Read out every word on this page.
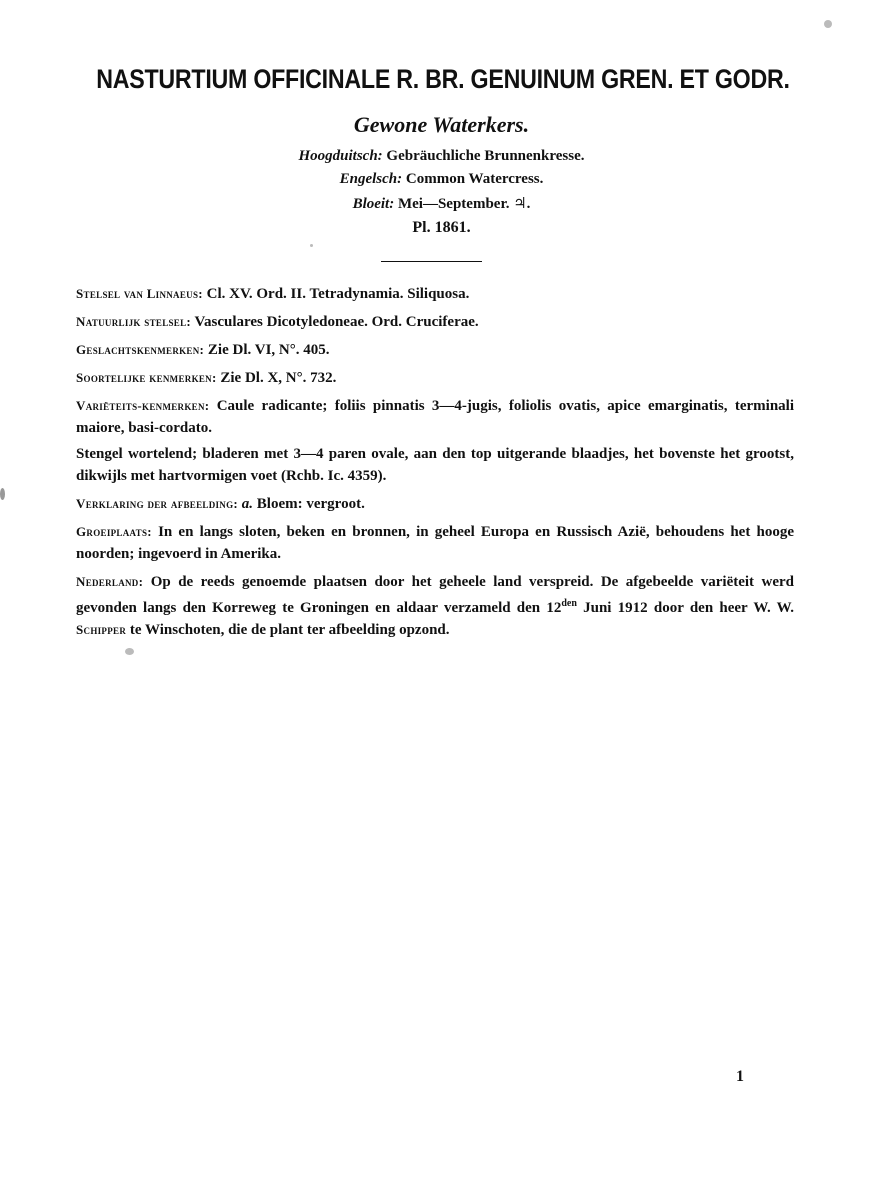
NASTURTIUM OFFICINALE R. BR. GENUINUM GREN. ET GODR.
Gewone Waterkers.
Hoogduitsch: Gebräuchliche Brunnenkresse.
Engelsch: Common Watercress.
Bloeit: Mei—September. ♃.
Pl. 1861.

Stelsel van Linnaeus: Cl. XV. Ord. II. Tetradynamia. Siliquosa.

Natuurlijk stelsel: Vasculares Dicotyledoneae. Ord. Cruciferae.

Geslachtskenmerken: Zie Dl. VI, N°. 405.

Soortelijke kenmerken: Zie Dl. X, N°. 732.

Variëteits-kenmerken: Caule radicante; foliis pinnatis 3—4-jugis, foliolis ovatis, apice emarginatis, terminali maiore, basi-cordato.

Stengel wortelend; bladeren met 3—4 paren ovale, aan den top uitgerande blaadjes, het bovenste het grootst, dikwijls met hartvormigen voet (Rchb. Ic. 4359).

Verklaring der afbeelding: a. Bloem: vergroot.

Groeiplaats: In en langs sloten, beken en bronnen, in geheel Europa en Russisch Azië, behoudens het hooge noorden; ingevoerd in Amerika.

Nederland: Op de reeds genoemde plaatsen door het geheele land verspreid. De afgebeelde variëteit werd gevonden langs den Korreweg te Groningen en aldaar verzameld den $12^{den}$ Juni 1912 door den heer W. W. Schipper te Winschoten, die de plant ter afbeelding opzond.

1
